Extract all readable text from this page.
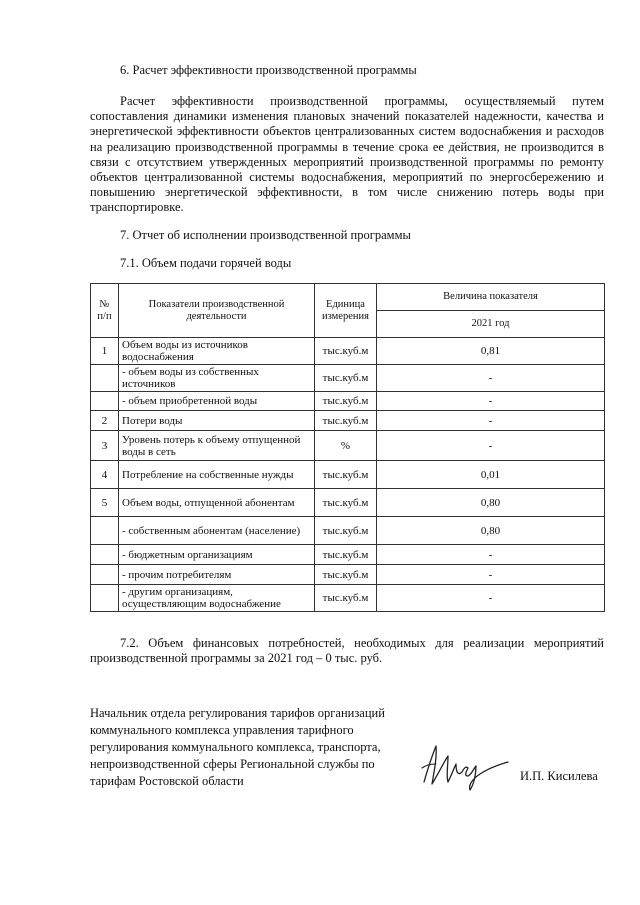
6. Расчет эффективности производственной программы

Расчет эффективности производственной программы, осуществляемый путем сопоставления динамики изменения плановых значений показателей надежности, качества и энергетической эффективности объектов централизованных систем водоснабжения и расходов на реализацию производственной программы в течение срока ее действия, не производится в связи с отсутствием утвержденных мероприятий производственной программы по ремонту объектов централизованной системы водоснабжения, мероприятий по энергосбережению и повышению энергетической эффективности, в том числе снижению потерь воды при транспортировке.

7. Отчет об исполнении производственной программы
7.1. Объем подачи горячей воды
№ п/п	Показатели производственной деятельности	Единица измерения	Величина показателя
			2021 год
1	Объем воды из источников водоснабжения	тыс.куб.м	0,81
	- объем воды из собственных источников	тыс.куб.м	-
	- объем приобретенной воды	тыс.куб.м	-
2	Потери воды	тыс.куб.м	-
3	Уровень потерь к объему отпущенной воды в сеть	%	-
4	Потребление на собственные нужды	тыс.куб.м	0,01
5	Объем воды, отпущенной абонентам	тыс.куб.м	0,80
	- собственным абонентам (население)	тыс.куб.м	0,80
	- бюджетным организациям	тыс.куб.м	-
	- прочим потребителям	тыс.куб.м	-
	- другим организациям, осуществляющим водоснабжение	тыс.куб.м	-

7.2. Объем финансовых потребностей, необходимых для реализации мероприятий производственной программы за 2021 год – 0 тыс. руб.

Начальник отдела регулирования тарифов организаций коммунального комплекса управления тарифного регулирования коммунального комплекса, транспорта, непроизводственной сферы Региональной службы по тарифам Ростовской области	И.П. Кисилева
